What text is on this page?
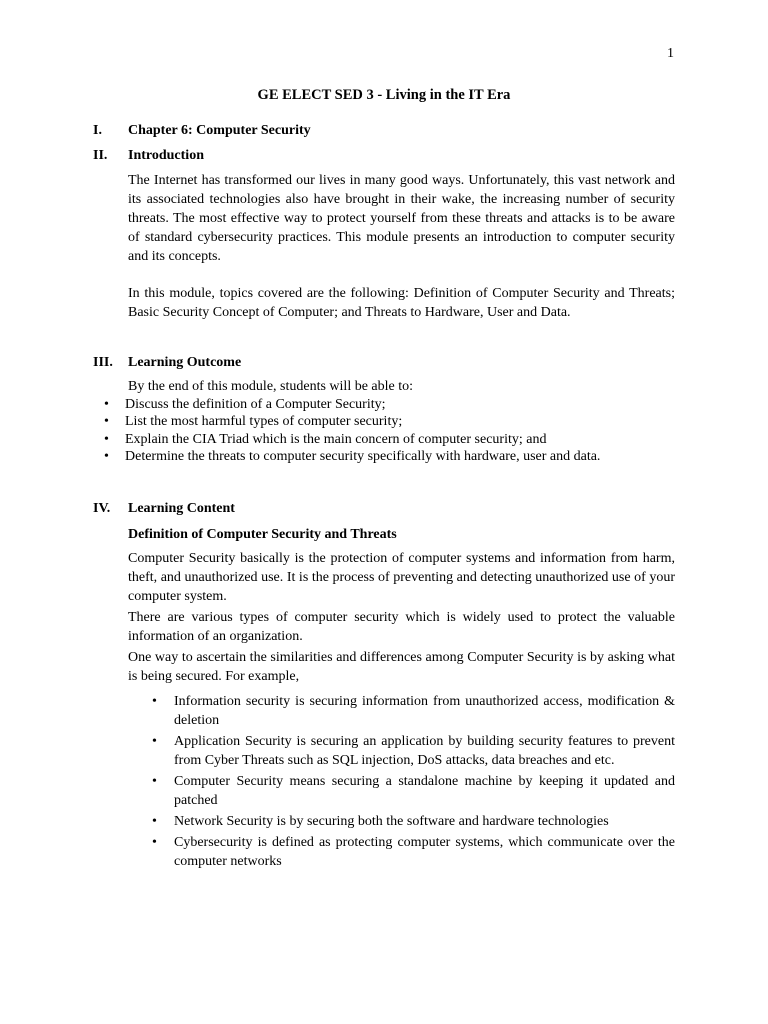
1
GE ELECT SED 3 - Living in the IT Era
I. Chapter 6: Computer Security
II. Introduction

The Internet has transformed our lives in many good ways. Unfortunately, this vast network and its associated technologies also have brought in their wake, the increasing number of security threats. The most effective way to protect yourself from these threats and attacks is to be aware of standard cybersecurity practices. This module presents an introduction to computer security and its concepts.

In this module, topics covered are the following: Definition of Computer Security and Threats; Basic Security Concept of Computer; and Threats to Hardware, User and Data.

III. Learning Outcome

By the end of this module, students will be able to:

• Discuss the definition of a Computer Security;
• List the most harmful types of computer security;
• Explain the CIA Triad which is the main concern of computer security; and
• Determine the threats to computer security specifically with hardware, user and data.
IV. Learning Content

Definition of Computer Security and Threats

Computer Security basically is the protection of computer systems and information from harm, theft, and unauthorized use. It is the process of preventing and detecting unauthorized use of your computer system.

There are various types of computer security which is widely used to protect the valuable information of an organization.

One way to ascertain the similarities and differences among Computer Security is by asking what is being secured. For example,

• Information security is securing information from unauthorized access, modification & deletion
• Application Security is securing an application by building security features to prevent from Cyber Threats such as SQL injection, DoS attacks, data breaches and etc.
• Computer Security means securing a standalone machine by keeping it updated and patched
• Network Security is by securing both the software and hardware technologies
• Cybersecurity is defined as protecting computer systems, which communicate over the computer networks
